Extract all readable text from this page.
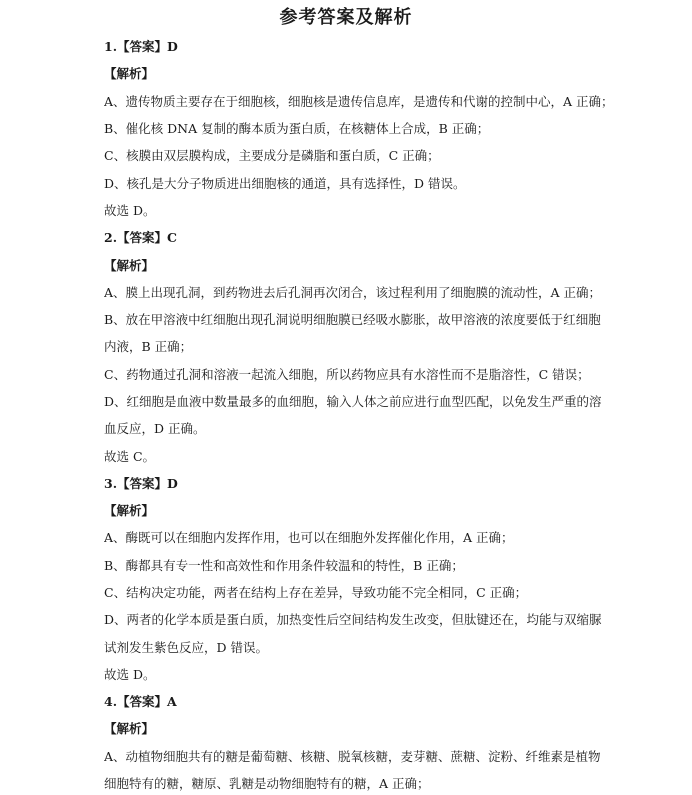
参考答案及解析
1.【答案】D
【解析】
A、遗传物质主要存在于细胞核，细胞核是遗传信息库，是遗传和代谢的控制中心，A 正确；
B、催化核 DNA 复制的酶本质为蛋白质，在核糖体上合成，B 正确；
C、核膜由双层膜构成，主要成分是磷脂和蛋白质，C 正确；
D、核孔是大分子物质进出细胞核的通道，具有选择性，D 错误。
故选 D。
2.【答案】C
【解析】
A、膜上出现孔洞，到药物进去后孔洞再次闭合，该过程利用了细胞膜的流动性，A 正确；
B、放在甲溶液中红细胞出现孔洞说明细胞膜已经吸水膨胀，故甲溶液的浓度要低于红细胞
内液，B 正确；
C、药物通过孔洞和溶液一起流入细胞，所以药物应具有水溶性而不是脂溶性，C 错误；
D、红细胞是血液中数量最多的血细胞，输入人体之前应进行血型匹配，以免发生严重的溶
血反应，D 正确。
故选 C。
3.【答案】D
【解析】
A、酶既可以在细胞内发挥作用，也可以在细胞外发挥催化作用，A 正确；
B、酶都具有专一性和高效性和作用条件较温和的特性，B 正确；
C、结构决定功能，两者在结构上存在差异，导致功能不完全相同，C 正确；
D、两者的化学本质是蛋白质，加热变性后空间结构发生改变，但肽键还在，均能与双缩脲
试剂发生紫色反应，D 错误。
故选 D。
4.【答案】A
【解析】
A、动植物细胞共有的糖是葡萄糖、核糖、脱氧核糖，麦芽糖、蔗糖、淀粉、纤维素是植物
细胞特有的糖，糖原、乳糖是动物细胞特有的糖，A 正确；
